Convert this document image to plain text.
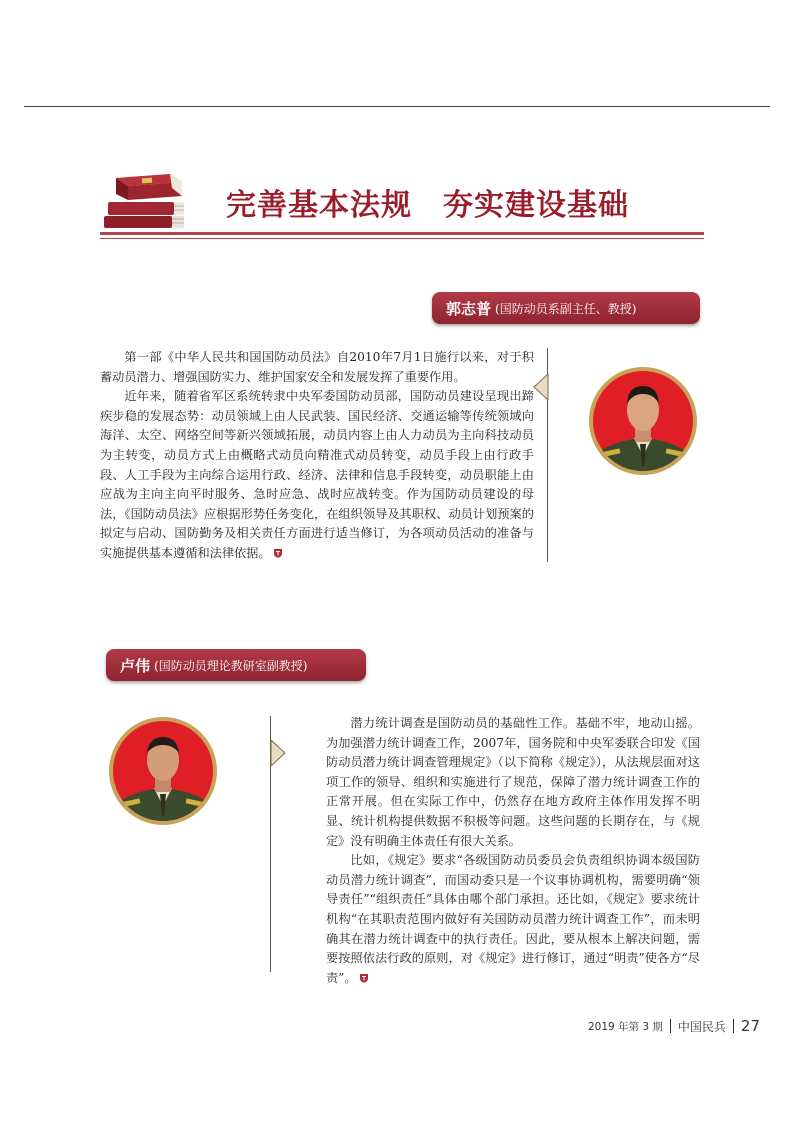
完善基本法规　夯实建设基础
郭志普 (国防动员系副主任、教授)

第一部《中华人民共和国国防动员法》自2010年7月1日施行以来，对于积蓄动员潜力、增强国防实力、维护国家安全和发展发挥了重要作用。

近年来，随着省军区系统转隶中央军委国防动员部，国防动员建设呈现出蹄疾步稳的发展态势：动员领域上由人民武装、国民经济、交通运输等传统领域向海洋、太空、网络空间等新兴领域拓展，动员内容上由人力动员为主向科技动员为主转变，动员方式上由概略式动员向精准式动员转变，动员手段上由行政手段、人工手段为主向综合运用行政、经济、法律和信息手段转变，动员职能上由应战为主向主向平时服务、急时应急、战时应战转变。作为国防动员建设的母法，《国防动员法》应根据形势任务变化，在组织领导及其职权、动员计划预案的拟定与启动、国防勤务及相关责任方面进行适当修订，为各项动员活动的准备与实施提供基本遵循和法律依据。

卢伟 (国防动员理论教研室副教授)

潜力统计调查是国防动员的基础性工作。基础不牢，地动山摇。为加强潜力统计调查工作，2007年，国务院和中央军委联合印发《国防动员潜力统计调查管理规定》（以下简称《规定》），从法规层面对这项工作的领导、组织和实施进行了规范，保障了潜力统计调查工作的正常开展。但在实际工作中，仍然存在地方政府主体作用发挥不明显、统计机构提供数据不积极等问题。这些问题的长期存在，与《规定》没有明确主体责任有很大关系。

比如，《规定》要求“各级国防动员委员会负责组织协调本级国防动员潜力统计调查”，而国动委只是一个议事协调机构，需要明确“领导责任”“组织责任”具体由哪个部门承担。还比如，《规定》要求统计机构“在其职责范围内做好有关国防动员潜力统计调查工作”，而未明确其在潜力统计调查中的执行责任。因此，要从根本上解决问题，需要按照依法行政的原则，对《规定》进行修订，通过“明责”使各方“尽责”。

2019 年第 3 期 中国民兵 27
